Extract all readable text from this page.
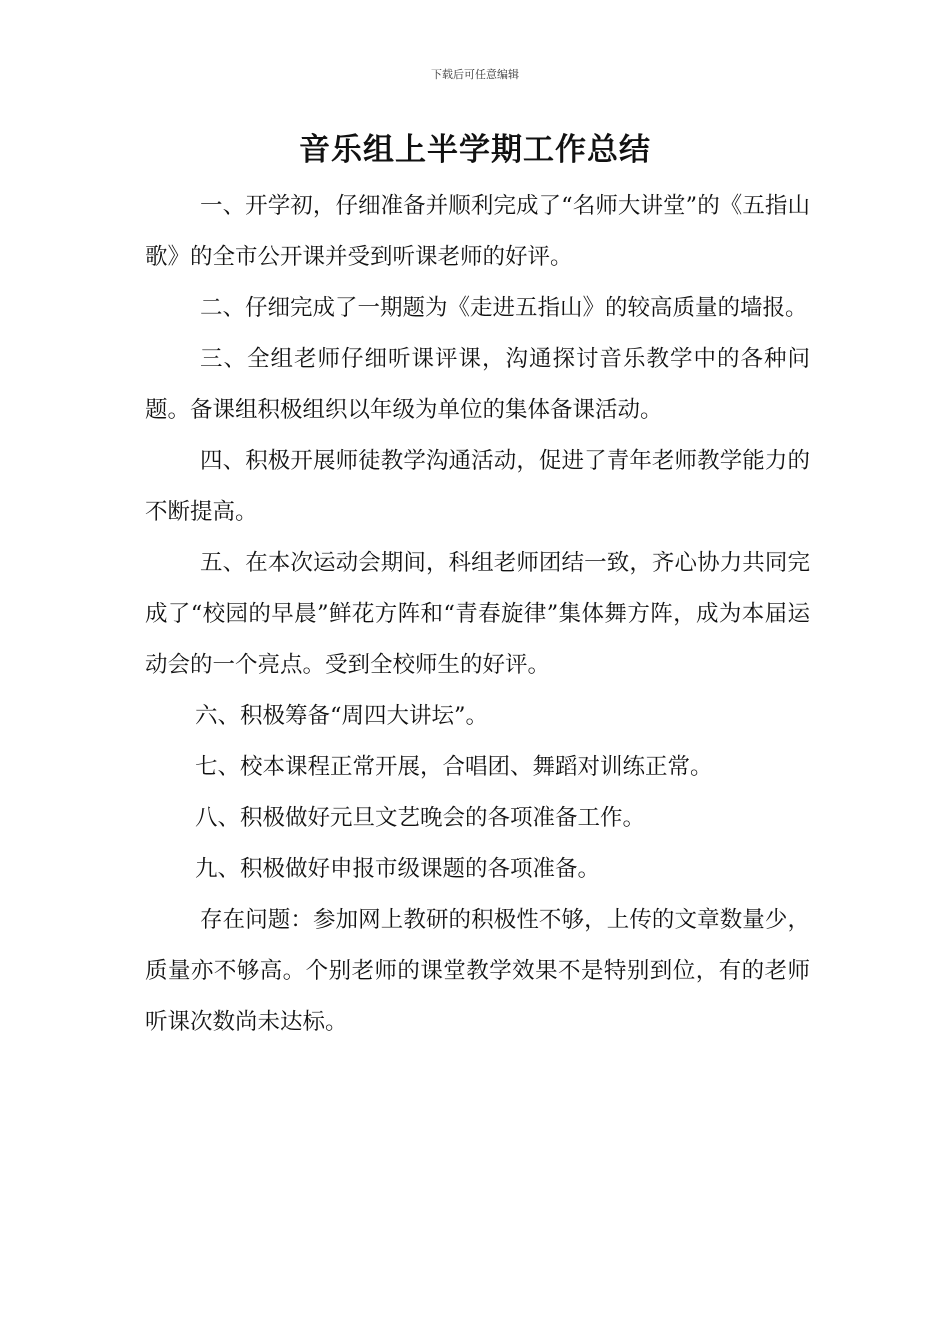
下载后可任意编辑
音乐组上半学期工作总结

一、开学初，仔细准备并顺利完成了“名师大讲堂”的《五指山歌》的全市公开课并受到听课老师的好评。

二、仔细完成了一期题为《走进五指山》的较高质量的墙报。

三、全组老师仔细听课评课，沟通探讨音乐教学中的各种问题。备课组积极组织以年级为单位的集体备课活动。

四、积极开展师徒教学沟通活动，促进了青年老师教学能力的不断提高。

五、在本次运动会期间，科组老师团结一致，齐心协力共同完成了“校园的早晨”鲜花方阵和“青春旋律”集体舞方阵，成为本届运动会的一个亮点。受到全校师生的好评。

六、积极筹备“周四大讲坛”。

七、校本课程正常开展，合唱团、舞蹈对训练正常。

八、积极做好元旦文艺晚会的各项准备工作。

九、积极做好申报市级课题的各项准备。

存在问题：参加网上教研的积极性不够，上传的文章数量少，质量亦不够高。个别老师的课堂教学效果不是特别到位，有的老师听课次数尚未达标。
